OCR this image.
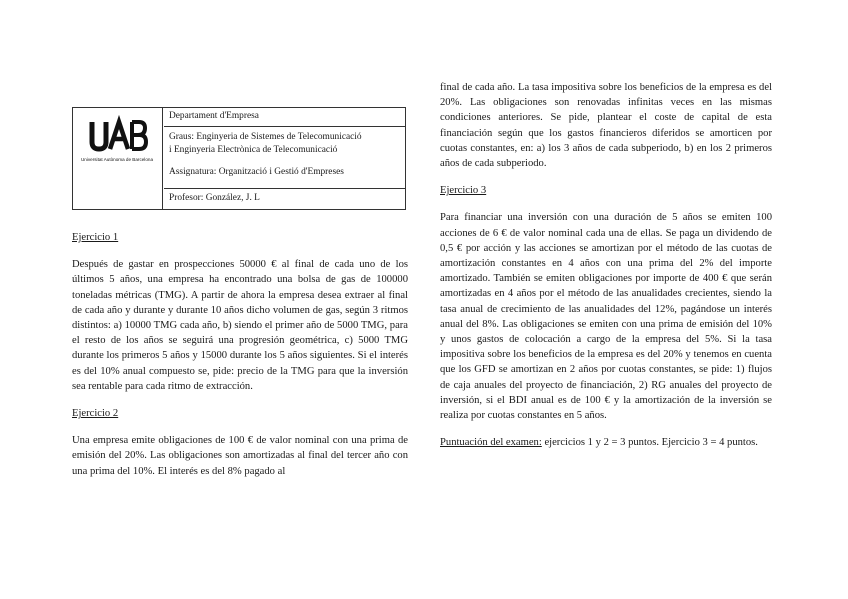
Universitat Autònoma de Barcelona
Departament d'Empresa
Graus: Enginyeria de Sistemes de Telecomunicació
i Enginyeria Electrònica de Telecomunicació
Assignatura: Organització i Gestió d'Empreses
Profesor: González, J. L

Ejercicio 1

Después de gastar en prospecciones 50000 € al final de cada uno de los últimos 5 años, una empresa ha encontrado una bolsa de gas de 100000 toneladas métricas (TMG). A partir de ahora la empresa desea extraer al final de cada año y durante y durante 10 años dicho volumen de gas, según 3 ritmos distintos: a) 10000 TMG cada año, b) siendo el primer año de 5000 TMG, para el resto de los años se seguirá una progresión geométrica, c) 5000 TMG durante los primeros 5 años y 15000 durante los 5 años siguientes. Si el interés es del 10% anual compuesto se, pide: precio de la TMG para que la inversión sea rentable para cada ritmo de extracción.

Ejercicio 2

Una empresa emite obligaciones de 100 € de valor nominal con una prima de emisión del 20%. Las obligaciones son amortizadas al final del tercer año con una prima del 10%. El interés es del 8% pagado al

final de cada año. La tasa impositiva sobre los beneficios de la empresa es del 20%. Las obligaciones son renovadas infinitas veces en las mismas condiciones anteriores. Se pide, plantear el coste de capital de esta financiación según que los gastos financieros diferidos se amorticen por cuotas constantes, en: a) los 3 años de cada subperiodo, b) en los 2 primeros años de cada subperiodo.

Ejercicio 3

Para financiar una inversión con una duración de 5 años se emiten 100 acciones de 6 € de valor nominal cada una de ellas. Se paga un dividendo de 0,5 € por acción y las acciones se amortizan por el método de las cuotas de amortización constantes en 4 años con una prima del 2% del importe amortizado. También se emiten obligaciones por importe de 400 € que serán amortizadas en 4 años por el método de las anualidades crecientes, siendo la tasa anual de crecimiento de las anualidades del 12%, pagándose un interés anual del 8%. Las obligaciones se emiten con una prima de emisión del 10% y unos gastos de colocación a cargo de la empresa del 5%. Si la tasa impositiva sobre los beneficios de la empresa es del 20% y tenemos en cuenta que los GFD se amortizan en 2 años por cuotas constantes, se pide: 1) flujos de caja anuales del proyecto de financiación, 2) RG anuales del proyecto de inversión, si el BDI anual es de 100 € y la amortización de la inversión se realiza por cuotas constantes en 5 años.

Puntuación del examen: ejercicios 1 y 2 = 3 puntos. Ejercicio 3 = 4 puntos.
